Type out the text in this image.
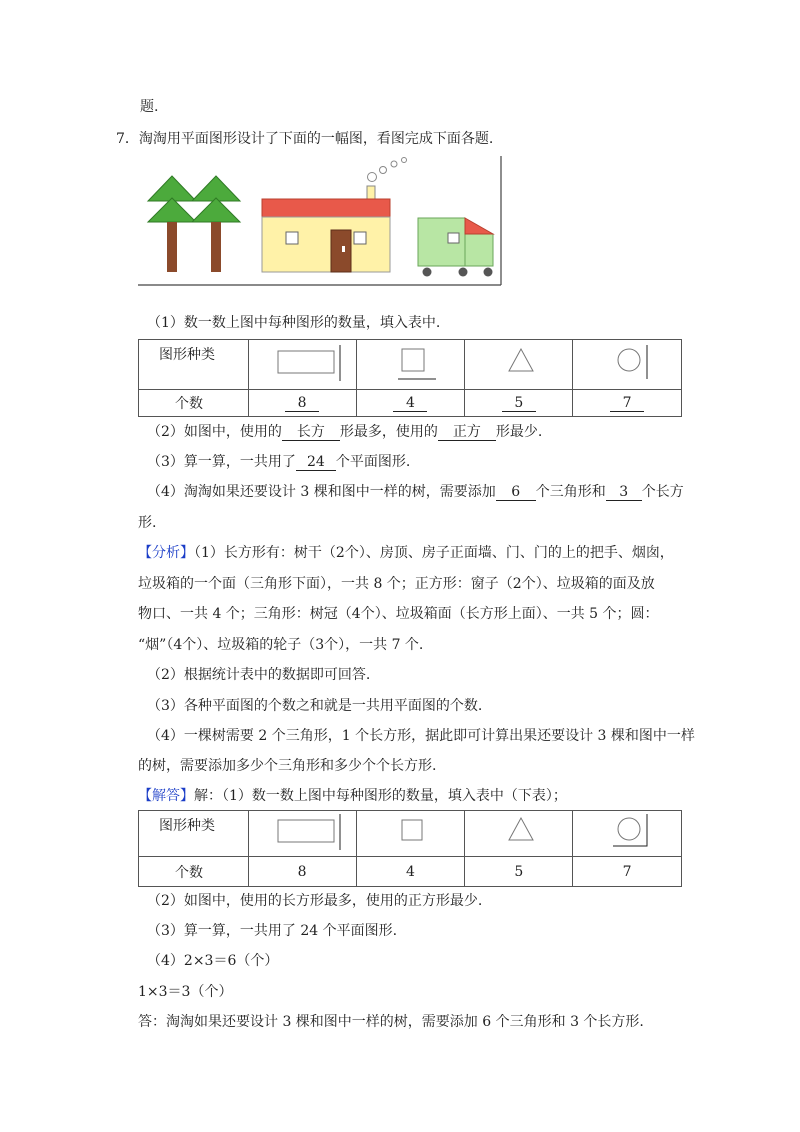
题.
7．淘淘用平面图形设计了下面的一幅图，看图完成下面各题.
（1）数一数上图中每种图形的数量，填入表中.
图形种类				
个数	8	4	5	7
（2）如图中，使用的 长方 形最多，使用的 正方 形最少.
（3）算一算，一共用了 24 个平面图形.
（4）淘淘如果还要设计 3 棵和图中一样的树，需要添加 6 个三角形和 3 个长方
形.
【分析】（1）长方形有：树干（2个）、房顶、房子正面墙、门、门的上的把手、烟囱，
垃圾箱的一个面（三角形下面），一共 8 个；正方形：窗子（2个）、垃圾箱的面及放
物口、一共 4 个；三角形：树冠（4个）、垃圾箱面（长方形上面）、一共 5 个；圆：
“烟”（4个）、垃圾箱的轮子（3个），一共 7 个.
（2）根据统计表中的数据即可回答.
（3）各种平面图的个数之和就是一共用平面图的个数.
（4）一棵树需要 2 个三角形，1 个长方形，据此即可计算出果还要设计 3 棵和图中一样
的树，需要添加多少个三角形和多少个个长方形.
【解答】解：（1）数一数上图中每种图形的数量，填入表中（下表）；
图形种类				
个数	8	4	5	7
（2）如图中，使用的长方形最多，使用的正方形最少.
（3）算一算，一共用了 24 个平面图形.
（4）2×3＝6（个）
1×3＝3（个）
答：淘淘如果还要设计 3 棵和图中一样的树，需要添加 6 个三角形和 3 个长方形.
